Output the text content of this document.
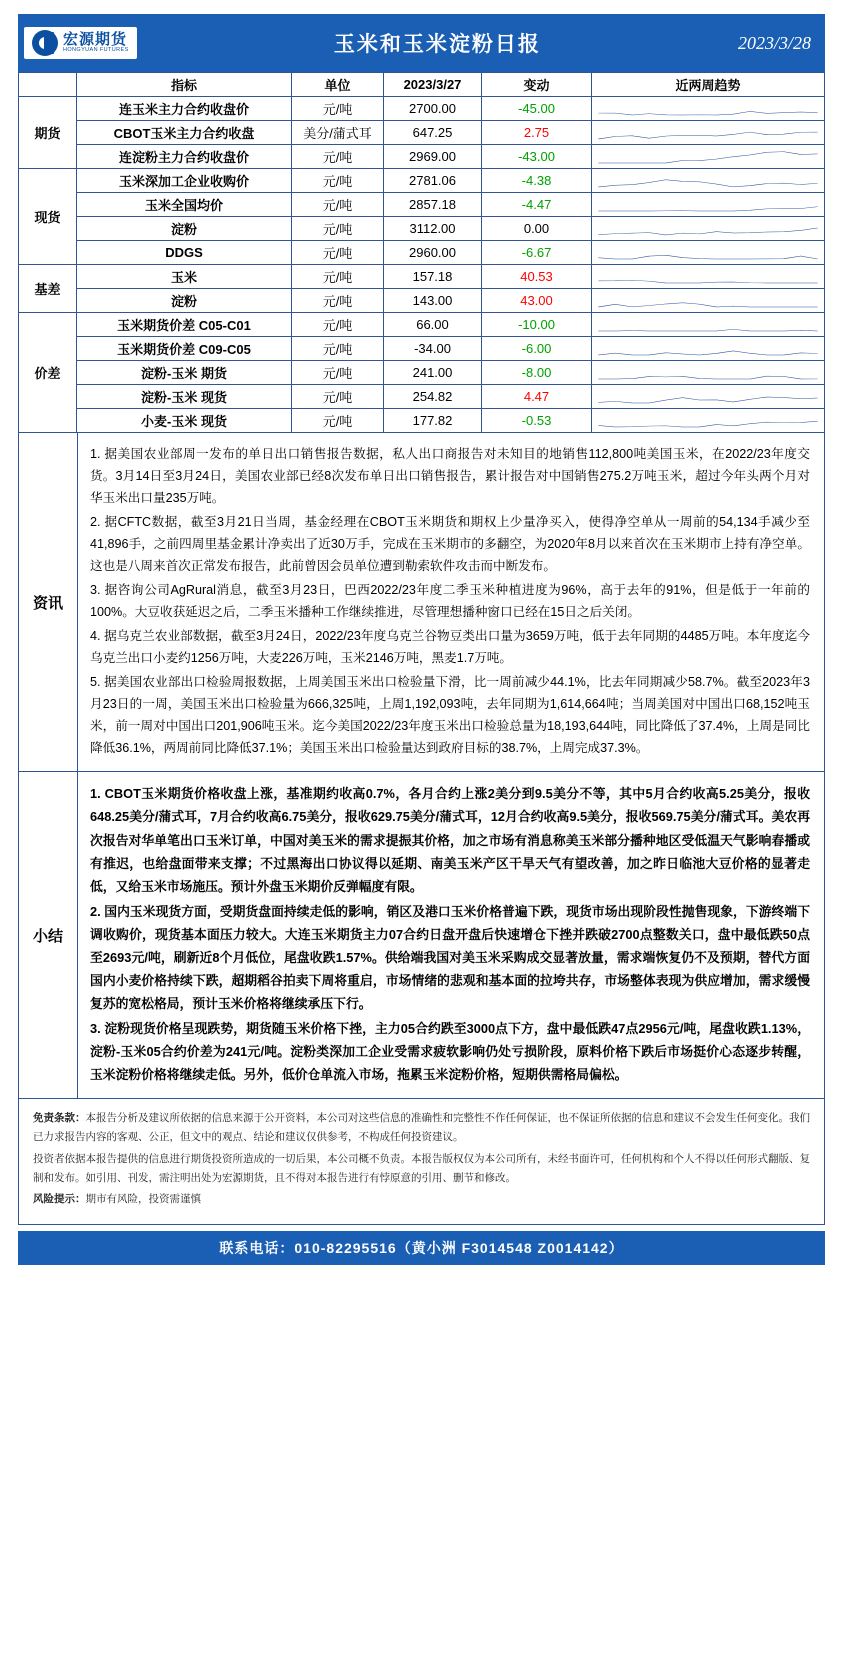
宏源期货
HONGYUAN FUTURES	玉米和玉米淀粉日报	2023/3/28
	指标	单位	2023/3/27	变动	近两周趋势
期货	连玉米主力合约收盘价	元/吨	2700.00	-45.00	

	CBOT玉米主力合约收盘	美分/蒲式耳	647.25	2.75	

	连淀粉主力合约收盘价	元/吨	2969.00	-43.00	

现货	玉米深加工企业收购价	元/吨	2781.06	-4.38	

	玉米全国均价	元/吨	2857.18	-4.47	

	淀粉	元/吨	3112.00	0.00	

	DDGS	元/吨	2960.00	-6.67	

基差	玉米	元/吨	157.18	40.53	

	淀粉	元/吨	143.00	43.00	

价差	玉米期货价差 C05-C01	元/吨	66.00	-10.00	

	玉米期货价差 C09-C05	元/吨	-34.00	-6.00	

	淀粉-玉米 期货	元/吨	241.00	-8.00	

	淀粉-玉米 现货	元/吨	254.82	4.47	

	小麦-玉米 现货	元/吨	177.82	-0.53	
资讯

1. 据美国农业部周一发布的单日出口销售报告数据，私人出口商报告对未知目的地销售112,800吨美国玉米，在2022/23年度交货。3月14日至3月24日，美国农业部已经8次发布单日出口销售报告，累计报告对中国销售275.2万吨玉米，超过今年头两个月对华玉米出口量235万吨。

2. 据CFTC数据，截至3月21日当周，基金经理在CBOT玉米期货和期权上少量净买入，使得净空单从一周前的54,134手减少至41,896手，之前四周里基金累计净卖出了近30万手，完成在玉米期市的多翻空，为2020年8月以来首次在玉米期市上持有净空单。这也是八周来首次正常发布报告，此前曾因会员单位遭到勒索软件攻击而中断发布。

3. 据咨询公司AgRural消息，截至3月23日，巴西2022/23年度二季玉米种植进度为96%，高于去年的91%，但是低于一年前的100%。大豆收获延迟之后，二季玉米播种工作继续推进，尽管理想播种窗口已经在15日之后关闭。

4. 据乌克兰农业部数据，截至3月24日，2022/23年度乌克兰谷物豆类出口量为3659万吨，低于去年同期的4485万吨。本年度迄今乌克兰出口小麦约1256万吨，大麦226万吨，玉米2146万吨，黑麦1.7万吨。

5. 据美国农业部出口检验周报数据，上周美国玉米出口检验量下滑，比一周前减少44.1%，比去年同期减少58.7%。截至2023年3月23日的一周，美国玉米出口检验量为666,325吨，上周1,192,093吨，去年同期为1,614,664吨；当周美国对中国出口68,152吨玉米，前一周对中国出口201,906吨玉米。迄今美国2022/23年度玉米出口检验总量为18,193,644吨，同比降低了37.4%，上周是同比降低36.1%，两周前同比降低37.1%；美国玉米出口检验量达到政府目标的38.7%，上周完成37.3%。

小结

1. CBOT玉米期货价格收盘上涨，基准期约收高0.7%，各月合约上涨2美分到9.5美分不等，其中5月合约收高5.25美分，报收648.25美分/蒲式耳，7月合约收高6.75美分，报收629.75美分/蒲式耳，12月合约收高9.5美分，报收569.75美分/蒲式耳。美农再次报告对华单笔出口玉米订单，中国对美玉米的需求提振其价格，加之市场有消息称美玉米部分播种地区受低温天气影响春播或有推迟，也给盘面带来支撑；不过黑海出口协议得以延期、南美玉米产区干旱天气有望改善，加之昨日临池大豆价格的显著走低，又给玉米市场施压。预计外盘玉米期价反弹幅度有限。

2. 国内玉米现货方面，受期货盘面持续走低的影响，销区及港口玉米价格普遍下跌，现货市场出现阶段性抛售现象，下游终端下调收购价，现货基本面压力较大。大连玉米期货主力07合约日盘开盘后快速增仓下挫并跌破2700点整数关口，盘中最低跌50点至2693元/吨，刷新近8个月低位，尾盘收跌1.57%。供给端我国对美玉米采购成交显著放量，需求端恢复仍不及预期，替代方面国内小麦价格持续下跌，超期稻谷拍卖下周将重启，市场情绪的悲观和基本面的拉垮共存，市场整体表现为供应增加，需求缓慢复苏的宽松格局，预计玉米价格将继续承压下行。

3. 淀粉现货价格呈现跌势，期货随玉米价格下挫，主力05合约跌至3000点下方，盘中最低跌47点2956元/吨，尾盘收跌1.13%，淀粉-玉米05合约价差为241元/吨。淀粉类深加工企业受需求疲软影响仍处亏损阶段，原料价格下跌后市场挺价心态逐步转醒，玉米淀粉价格将继续走低。另外，低价仓单流入市场，拖累玉米淀粉价格，短期供需格局偏松。

免责条款：本报告分析及建议所依据的信息来源于公开资料，本公司对这些信息的准确性和完整性不作任何保证，也不保证所依据的信息和建议不会发生任何变化。我们已力求报告内容的客观、公正，但文中的观点、结论和建议仅供参考，不构成任何投资建议。

投资者依据本报告提供的信息进行期货投资所造成的一切后果，本公司概不负责。本报告版权仅为本公司所有，未经书面许可，任何机构和个人不得以任何形式翻版、复制和发布。如引用、刊发，需注明出处为宏源期货，且不得对本报告进行有悖原意的引用、删节和修改。

风险提示：期市有风险，投资需谨慎

联系电话：010-82295516（黄小洲 F3014548 Z0014142）
